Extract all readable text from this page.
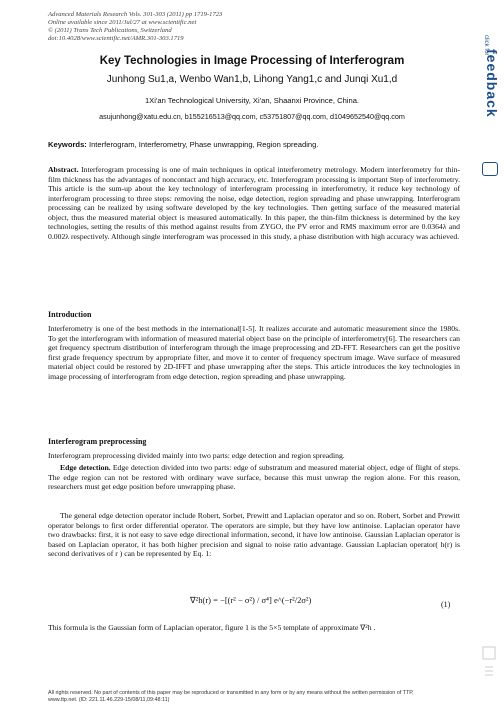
Advanced Materials Research Vols. 301-303 (2011) pp 1719-1723
Online available since 2011/Jul/27 at www.scientific.net
© (2011) Trans Tech Publications, Switzerland
doi:10.4028/www.scientific.net/AMR.301-303.1719
Key Technologies in Image Processing of Interferogram
Junhong Su1,a, Wenbo Wan1,b, Lihong Yang1,c and Junqi Xu1,d
1Xi'an Technological University, Xi'an, Shaanxi Province, China.
asujunhong@xatu.edu.cn, b155216513@qq.com, c53751807@qq.com, d1049652540@qq.com
Keywords: Interferogram, Interferometry, Phase unwrapping, Region spreading.
Abstract. Interferogram processing is one of main techniques in optical interferometry metrology. Modern interferometry for thin-film thickness has the advantages of noncontact and high accuracy, etc. Interferogram processing is important Step of interferometry. This article is the sum-up about the key technology of interferogram processing in interferometry, it reduce key technology of interferogram processing to three steps: removing the noise, edge detection, region spreading and phase unwrapping. Interferogram processing can be realized by using software developed by the key technologies. Then getting surface of the measured material object, thus the measured material object is measured automatically. In this paper, the thin-film thickness is determined by the key technologies, setting the results of this method against results from ZYGO, the PV error and RMS maximum error are 0.0364λ and 0.002λ respectively. Although single interferogram was processed in this study, a phase distribution with high accuracy was achieved.
Introduction
Interferometry is one of the best methods in the international[1-5]. It realizes accurate and automatic measurement since the 1980s. To get the interferogram with information of measured material object base on the principle of interferometry[6]. The researchers can get frequency spectrum distribution of interferogram through the image preprocessing and 2D-FFT. Researchers can get the positive first grade frequency spectrum by appropriate filter, and move it to center of frequency spectrum image. Wave surface of measured material object could be restored by 2D-IFFT and phase unwrapping after the steps. This article introduces the key technologies in image processing of interferogram from edge detection, region spreading and phase unwrapping.
Interferogram preprocessing
Interferogram preprocessing divided mainly into two parts: edge detection and region spreading.
Edge detection. Edge detection divided into two parts: edge of substratum and measured material object, edge of flight of steps. The edge region can not be restored with ordinary wave surface, because this must unwrap the region alone. For this reason, researchers must get edge position before unwrapping phase.
The general edge detection operator include Robert, Sorbet, Prewitt and Laplacian operator and so on. Robert, Sorbet and Prewitt operator belongs to first order differential operator. The operators are simple, but they have low antinoise. Laplacian operator have two drawbacks: first, it is not easy to save edge directional information, second, it have low antinoise. Gaussian Laplacian operator is based on Laplacian operator, it has both higher precision and signal to noise ratio advantage. Gaussian Laplacian operator( h(r) is second derivatives of r ) can be represented by Eq. 1:
∇²h(r) = −[(r² − σ²) / σ⁴] e^(−r²/2σ²)	(1)
This formula is the Gaussian form of Laplacian operator, figure 1 is the 5×5 template of approximate ∇²h .
All rights reserved. No part of contents of this paper may be reproduced or transmitted in any form or by any means without the written permission of TTP,
www.ttp.net. (ID: 221.11.46.229-15/08/11,09:48:11)
click for
feedback
